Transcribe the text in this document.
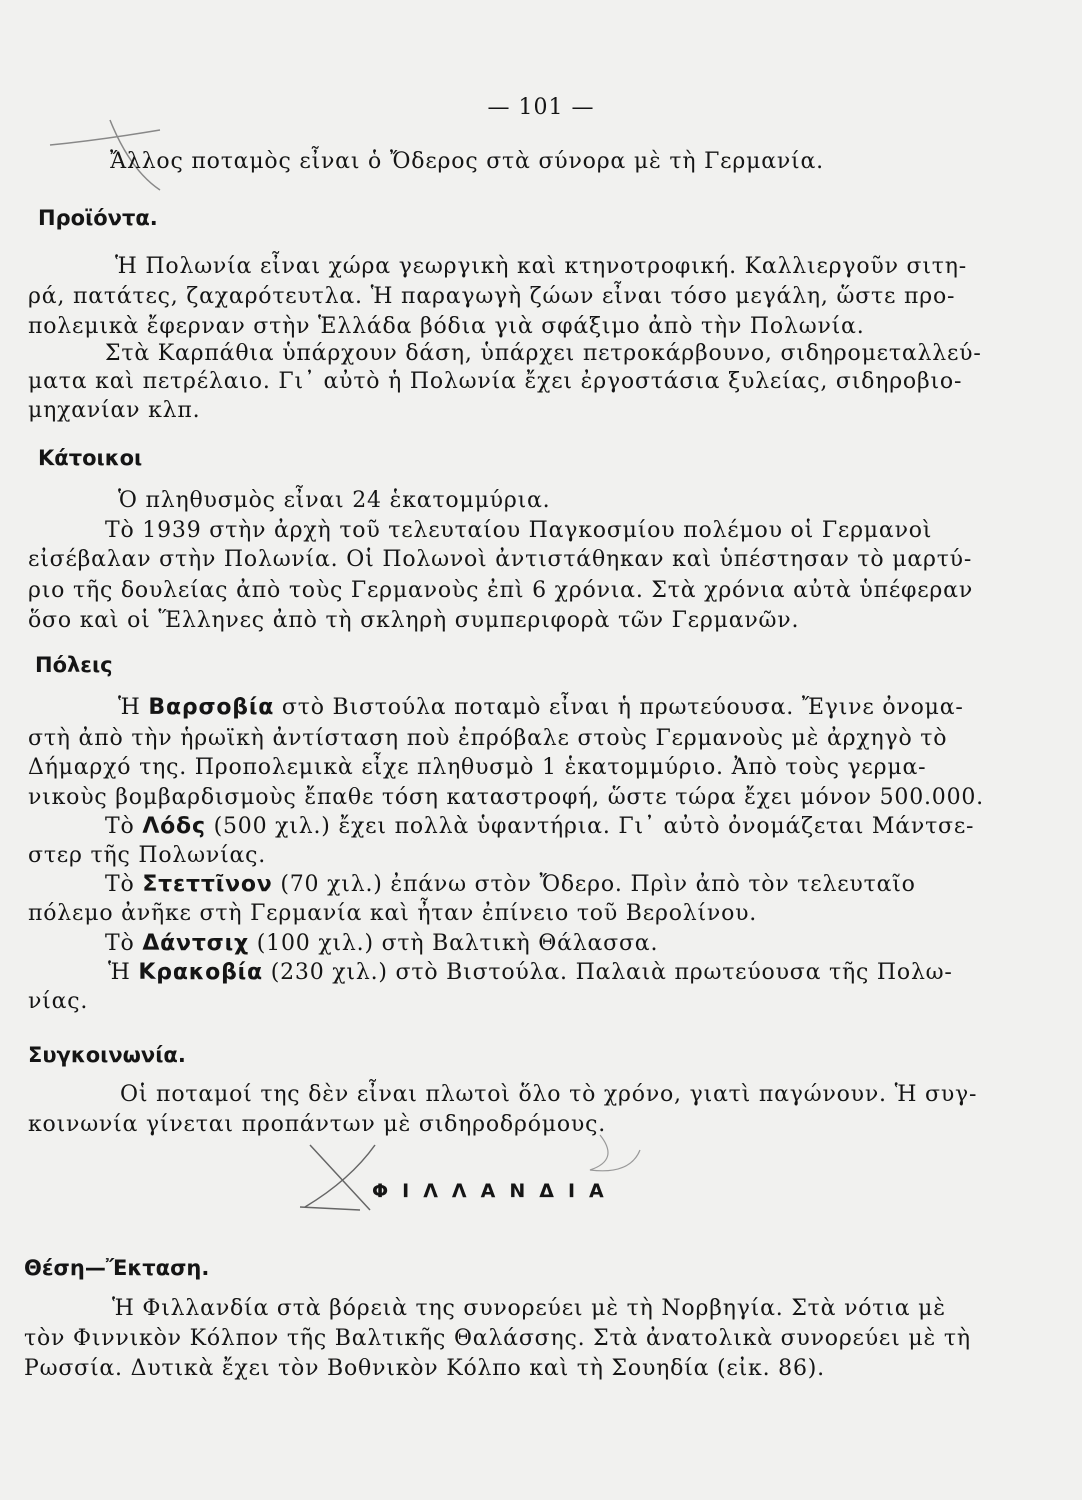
— 101 —
Ἄλλος ποταμὸς εἶναι ὁ Ὄδερος στὰ σύνορα μὲ τὴ Γερμανία.
Προϊόντα.
Ἡ Πολωνία εἶναι χώρα γεωργικὴ καὶ κτηνοτροφική. Καλλιεργοῦν σιτη-
ρά, πατάτες, ζαχαρότευτλα. Ἡ παραγωγὴ ζώων εἶναι τόσο μεγάλη, ὥστε προ-
πολεμικὰ ἔφερναν στὴν Ἑλλάδα βόδια γιὰ σφάξιμο ἀπὸ τὴν Πολωνία.
Στὰ Καρπάθια ὑπάρχουν δάση, ὑπάρχει πετροκάρβουνο, σιδηρομεταλλεύ-
ματα καὶ πετρέλαιο. Γι᾿ αὐτὸ ἡ Πολωνία ἔχει ἐργοστάσια ξυλείας, σιδηροβιο-
μηχανίαν κλπ.
Κάτοικοι
Ὁ πληθυσμὸς εἶναι 24 ἑκατομμύρια.
Τὸ 1939 στὴν ἀρχὴ τοῦ τελευταίου Παγκοσμίου πολέμου οἱ Γερμανοὶ
εἰσέβαλαν στὴν Πολωνία. Οἱ Πολωνοὶ ἀντιστάθηκαν καὶ ὑπέστησαν τὸ μαρτύ-
ριο τῆς δουλείας ἀπὸ τοὺς Γερμανοὺς ἐπὶ 6 χρόνια. Στὰ χρόνια αὐτὰ ὑπέφεραν
ὅσο καὶ οἱ Ἕλληνες ἀπὸ τὴ σκληρὴ συμπεριφορὰ τῶν Γερμανῶν.
Πόλεις
Ἡ Βαρσοβία στὸ Βιστούλα ποταμὸ εἶναι ἡ πρωτεύουσα. Ἔγινε ὀνομα-
στὴ ἀπὸ τὴν ἡρωϊκὴ ἀντίσταση ποὺ ἐπρόβαλε στοὺς Γερμανοὺς μὲ ἀρχηγὸ τὸ
Δήμαρχό της. Προπολεμικὰ εἶχε πληθυσμὸ 1 ἑκατομμύριο. Ἀπὸ τοὺς γερμα-
νικοὺς βομβαρδισμοὺς ἔπαθε τόση καταστροφή, ὥστε τώρα ἔχει μόνον 500.000.
Τὸ Λόδς (500 χιλ.) ἔχει πολλὰ ὑφαντήρια. Γι᾿ αὐτὸ ὀνομάζεται Μάντσε-
στερ τῆς Πολωνίας.
Τὸ Στεττῖνον (70 χιλ.) ἐπάνω στὸν Ὄδερο. Πρὶν ἀπὸ τὸν τελευταῖο
πόλεμο ἀνῆκε στὴ Γερμανία καὶ ἦταν ἐπίνειο τοῦ Βερολίνου.
Τὸ Δάντσιχ (100 χιλ.) στὴ Βαλτικὴ Θάλασσα.
Ἡ Κρακοβία (230 χιλ.) στὸ Βιστούλα. Παλαιὰ πρωτεύουσα τῆς Πολω-
νίας.
Συγκοινωνία.
Οἱ ποταμοί της δὲν εἶναι πλωτοὶ ὅλο τὸ χρόνο, γιατὶ παγώνουν. Ἡ συγ-
κοινωνία γίνεται προπάντων μὲ σιδηροδρόμους.
ΦΙΛΛΑΝΔΙΑ
Θέση—Ἔκταση.
Ἡ Φιλλανδία στὰ βόρειὰ της συνορεύει μὲ τὴ Νορβηγία. Στὰ νότια μὲ
τὸν Φιννικὸν Κόλπον τῆς Βαλτικῆς Θαλάσσης. Στὰ ἀνατολικὰ συνορεύει μὲ τὴ
Ρωσσία. Δυτικὰ ἔχει τὸν Βοθνικὸν Κόλπο καὶ τὴ Σουηδία (εἰκ. 86).
